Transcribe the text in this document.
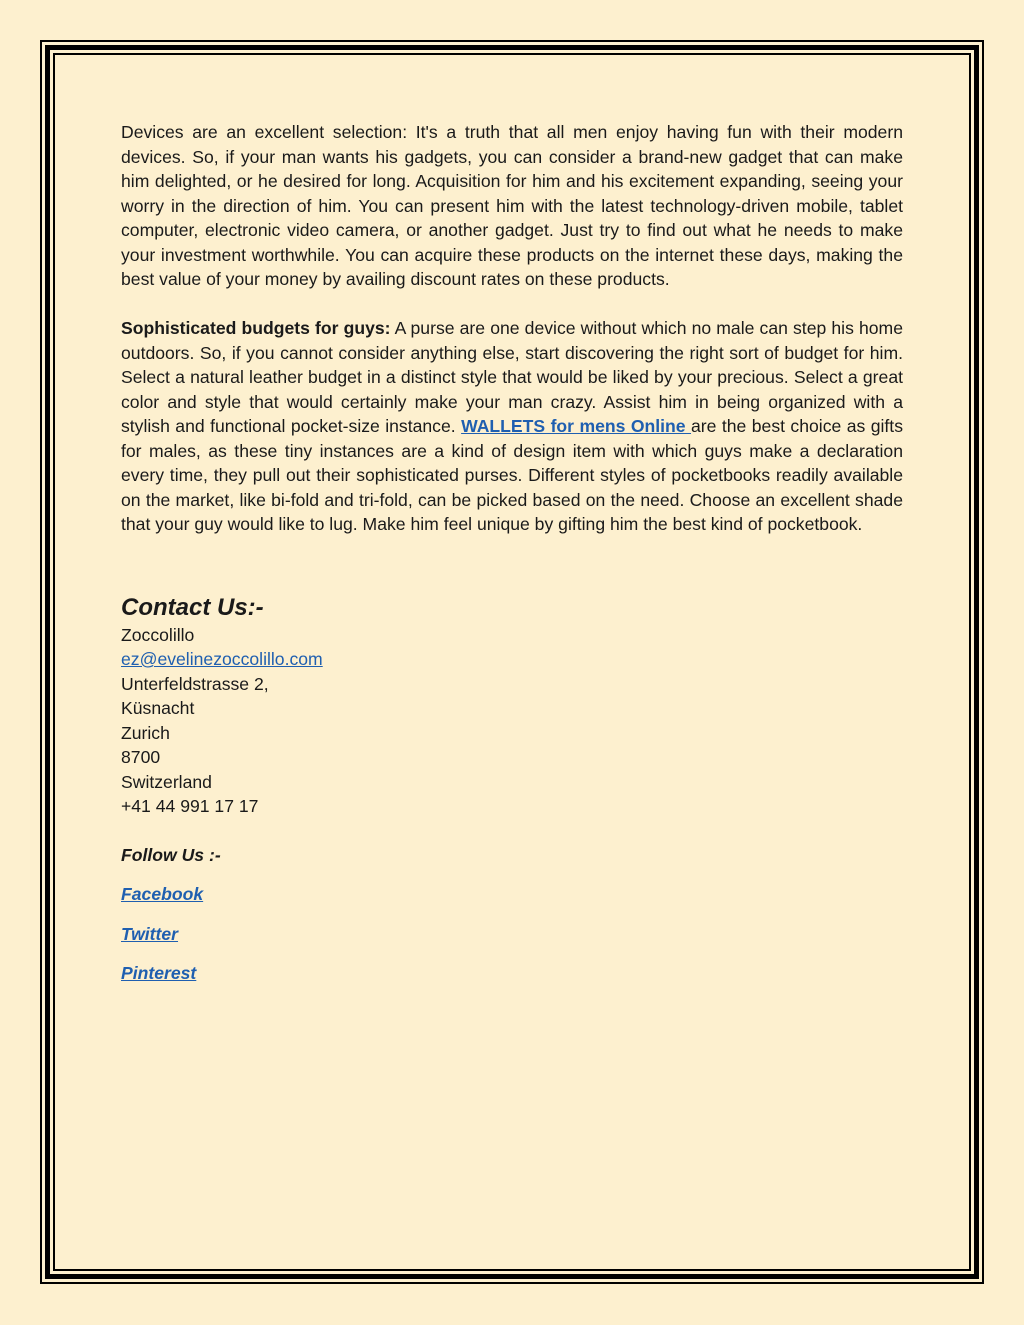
Devices are an excellent selection: It's a truth that all men enjoy having fun with their modern devices. So, if your man wants his gadgets, you can consider a brand-new gadget that can make him delighted, or he desired for long. Acquisition for him and his excitement expanding, seeing your worry in the direction of him. You can present him with the latest technology-driven mobile, tablet computer, electronic video camera, or another gadget. Just try to find out what he needs to make your investment worthwhile. You can acquire these products on the internet these days, making the best value of your money by availing discount rates on these products.

Sophisticated budgets for guys: A purse are one device without which no male can step his home outdoors. So, if you cannot consider anything else, start discovering the right sort of budget for him. Select a natural leather budget in a distinct style that would be liked by your precious. Select a great color and style that would certainly make your man crazy. Assist him in being organized with a stylish and functional pocket-size instance. WALLETS for mens Online are the best choice as gifts for males, as these tiny instances are a kind of design item with which guys make a declaration every time, they pull out their sophisticated purses. Different styles of pocketbooks readily available on the market, like bi-fold and tri-fold, can be picked based on the need. Choose an excellent shade that your guy would like to lug. Make him feel unique by gifting him the best kind of pocketbook.

Contact Us:-

Zoccolillo

ez@evelinezoccolillo.com

Unterfeldstrasse 2,

Küsnacht

Zurich

8700

Switzerland

+41 44 991 17 17

Follow Us :-

Facebook

Twitter

Pinterest
